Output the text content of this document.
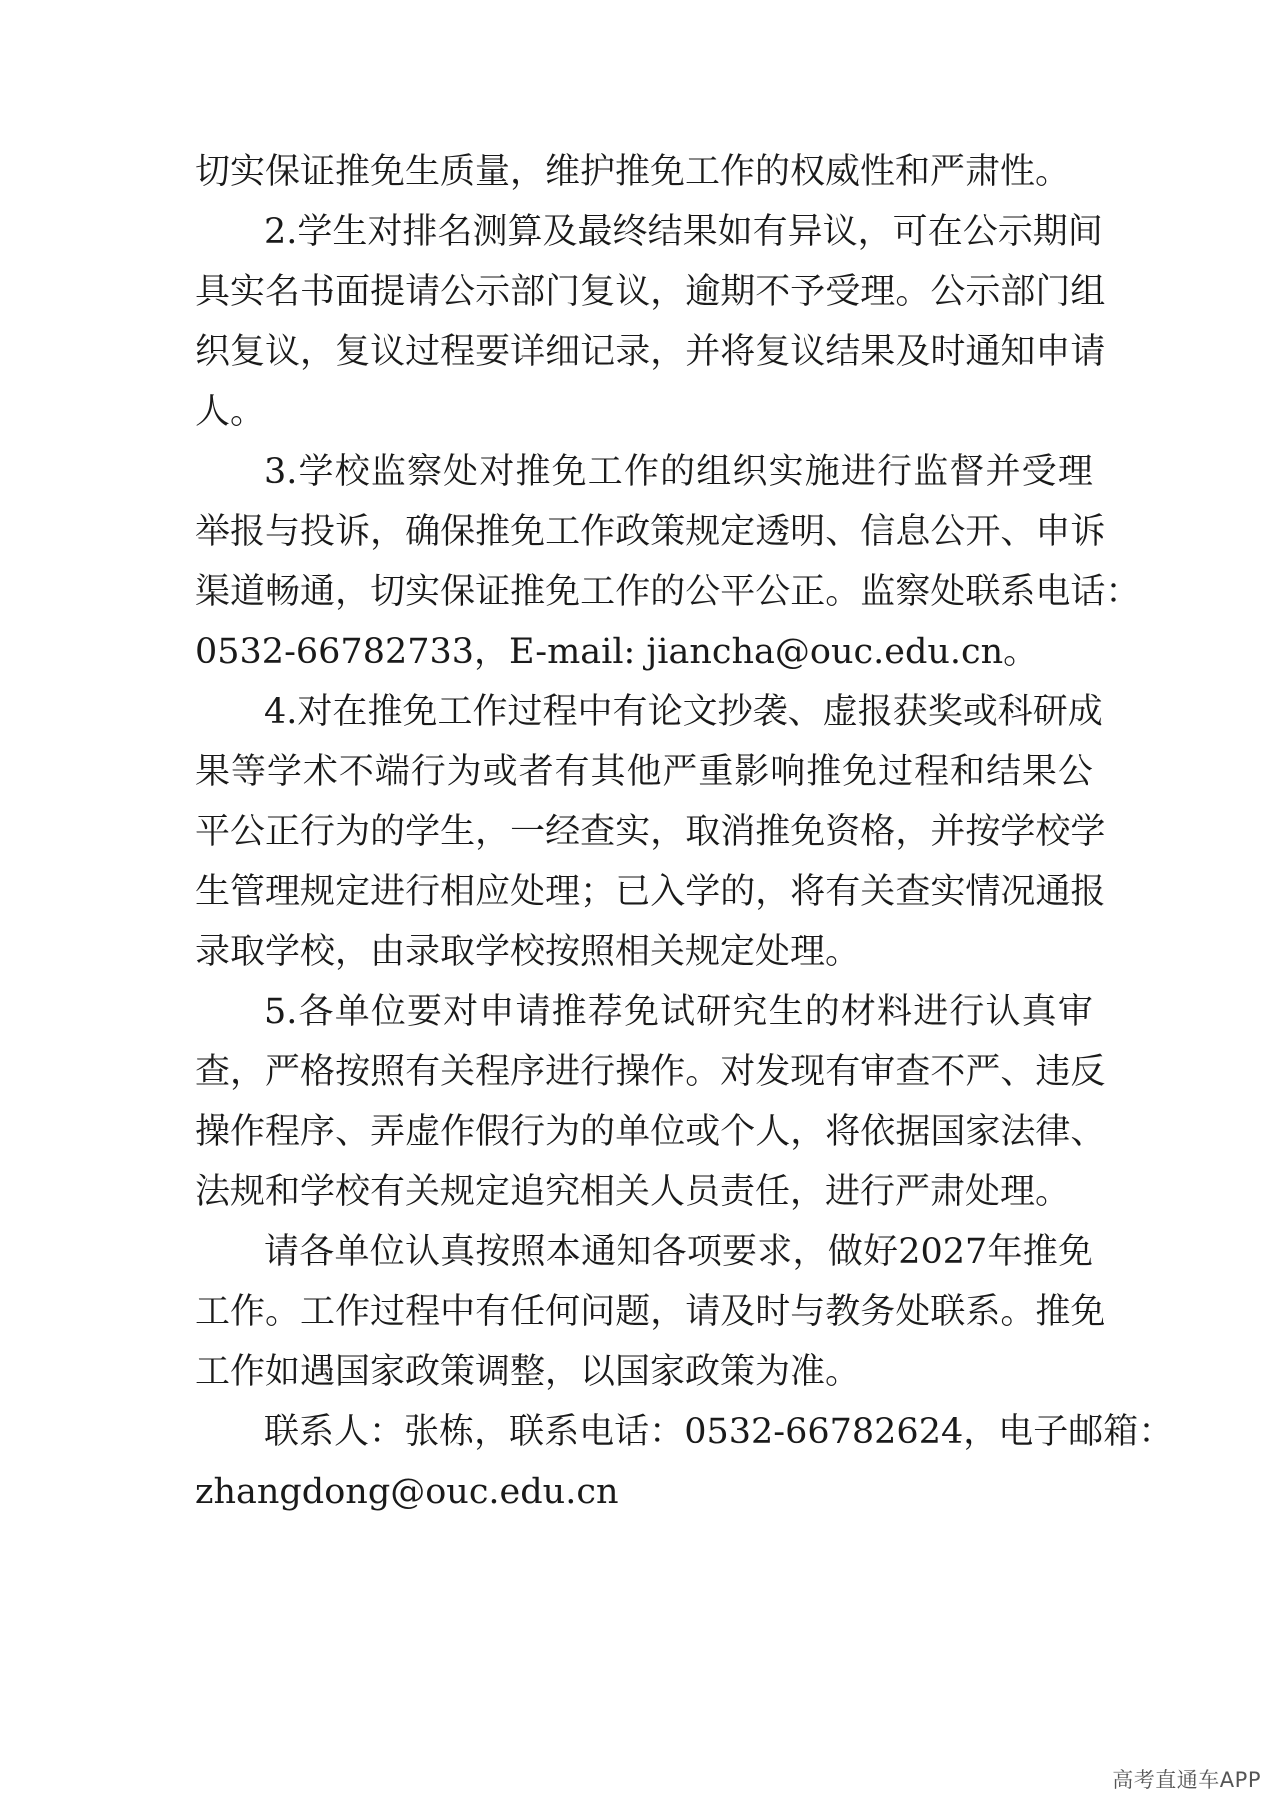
切实保证推免生质量，维护推免工作的权威性和严肃性。
2. 学 生 对 排 名 测 算 及 最 终 结 果 如 有 异 议 ， 可 在 公 示 期 间
具 实 名 书 面 提 请 公 示 部 门 复 议 ， 逾 期 不 予 受 理 。 公 示 部 门 组
织 复 议 ， 复 议 过 程 要 详 细 记 录 ， 并 将 复 议 结 果 及 时 通 知 申 请
人。
3. 学 校 监 察 处 对 推 免 工 作 的 组 织 实 施 进 行 监 督 并 受 理
举 报 与 投 诉 ， 确 保 推 免 工 作 政 策 规 定 透 明 、 信 息 公 开 、 申 诉
渠 道 畅 通 ， 切 实 保 证 推 免 工 作 的 公 平 公 正 。 监 察 处 联 系 电 话 ：
0532-66782733，E-mail: jiancha@ouc.edu.cn。
4. 对 在 推 免 工 作 过 程 中 有 论 文 抄 袭 、 虚 报 获 奖 或 科 研 成
果 等 学 术 不 端 行 为 或 者 有 其 他 严 重 影 响 推 免 过 程 和 结 果 公
平 公 正 行 为 的 学 生 ， 一 经 查 实 ， 取 消 推 免 资 格 ， 并 按 学 校 学
生 管 理 规 定 进 行 相 应 处 理 ； 已 入 学 的 ， 将 有 关 查 实 情 况 通 报
录取学校，由录取学校按照相关规定处理。
5. 各 单 位 要 对 申 请 推 荐 免 试 研 究 生 的 材 料 进 行 认 真 审
查 ， 严 格 按 照 有 关 程 序 进 行 操 作 。 对 发 现 有 审 查 不 严 、 违 反
操 作 程 序 、 弄 虚 作 假 行 为 的 单 位 或 个 人 ， 将 依 据 国 家 法 律 、
法规和学校有关规定追究相关人员责任，进行严肃处理。
请 各 单 位 认 真 按 照 本 通 知 各 项 要 求 ， 做 好 2027 年 推 免
工 作 。 工 作 过 程 中 有 任 何 问 题 ， 请 及 时 与 教 务 处 联 系 。 推 免
工作如遇国家政策调整，以国家政策为准。
联 系 人 ： 张 栋 ， 联 系 电 话 ： 0532-66782624 ， 电 子 邮 箱 ：
zhangdong@ouc.edu.cn
高考直通车APP
